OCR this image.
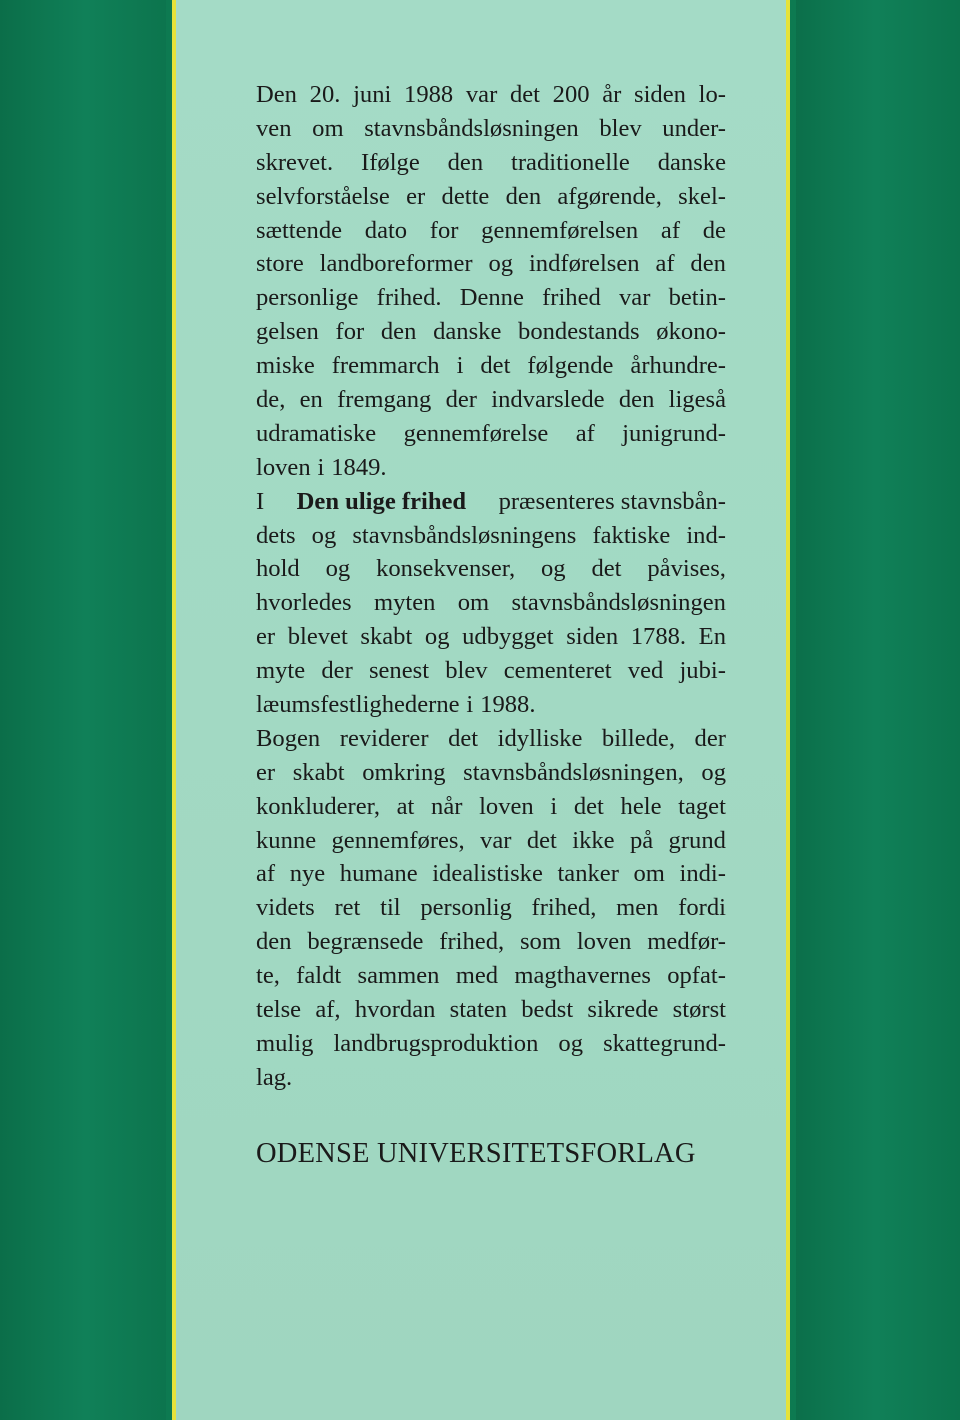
Den 20. juni 1988 var det 200 år siden lo-
ven om stavnsbåndsløsningen blev under-
skrevet. Ifølge den traditionelle danske
selvforståelse er dette den afgørende, skel-
sættende dato for gennemførelsen af de
store landboreformer og indførelsen af den
personlige frihed. Denne frihed var betin-
gelsen for den danske bondestands økono-
miske fremmarch i det følgende århundre-
de, en fremgang der indvarslede den ligeså
udramatiske gennemførelse af junigrund-
loven i 1849.
I Den ulige frihed præsenteres stavnsbån-
dets og stavnsbåndsløsningens faktiske ind-
hold og konsekvenser, og det påvises,
hvorledes myten om stavnsbåndsløsningen
er blevet skabt og udbygget siden 1788. En
myte der senest blev cementeret ved jubi-
læumsfestlighederne i 1988.
Bogen reviderer det idylliske billede, der
er skabt omkring stavnsbåndsløsningen, og
konkluderer, at når loven i det hele taget
kunne gennemføres, var det ikke på grund
af nye humane idealistiske tanker om indi-
videts ret til personlig frihed, men fordi
den begrænsede frihed, som loven medfør-
te, faldt sammen med magthavernes opfat-
telse af, hvordan staten bedst sikrede størst
mulig landbrugsproduktion og skattegrund-
lag.
ODENSE UNIVERSITETSFORLAG
